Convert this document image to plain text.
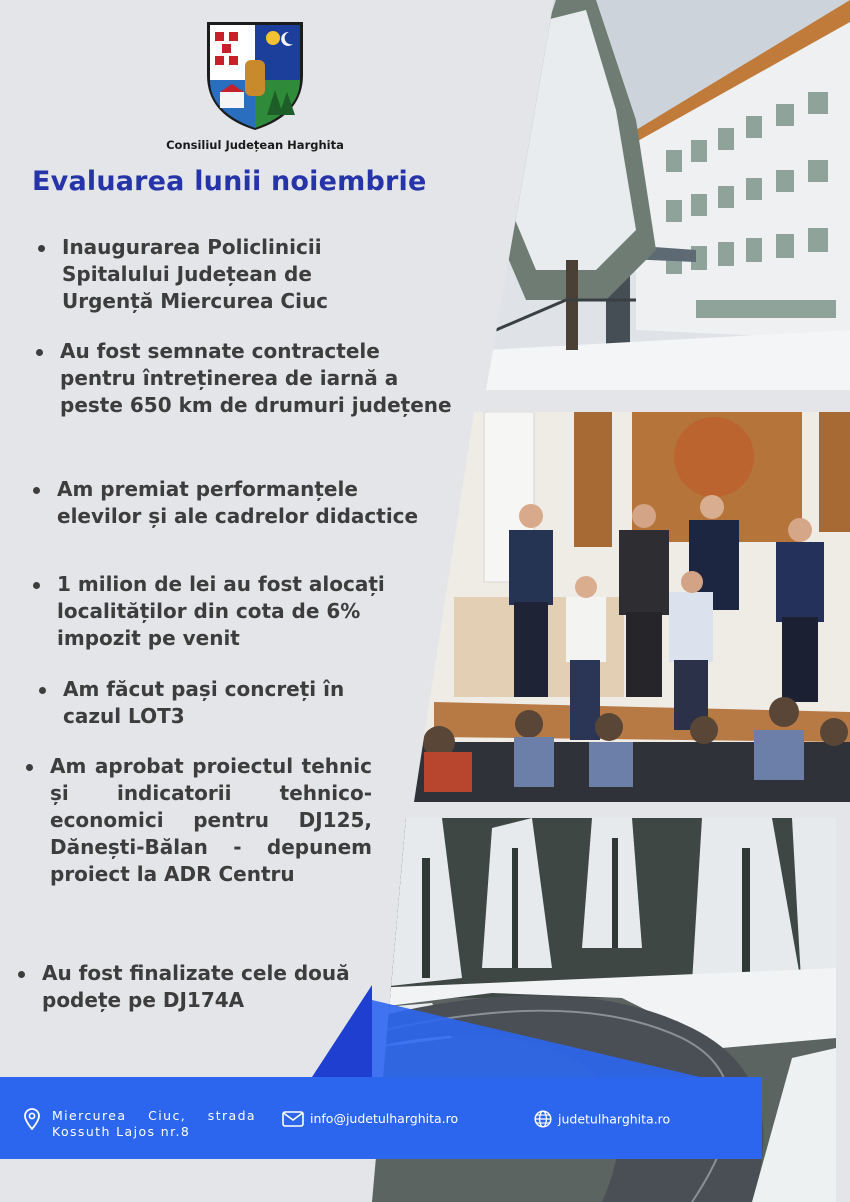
Consiliul Județean Harghita
Evaluarea lunii noiembrie
Inaugurarea Policlinicii Spitalului Județean de Urgență Miercurea Ciuc
Au fost semnate contractele pentru întreținerea de iarnă a peste 650 km de drumuri județene
Am premiat performanțele elevilor și ale cadrelor didactice
1 milion de lei au fost alocați localităților din cota de 6% impozit pe venit
Am făcut pași concreți în cazul LOT3
Am aprobat proiectul tehnic și indicatorii tehnico-economici pentru DJ125, Dănești-Bălan - depunem proiect la ADR Centru
Au fost finalizate cele două podețe pe DJ174A
Miercurea Ciuc, strada Kossuth Lajos nr.8
info@judetulharghita.ro	judetulharghita.ro
